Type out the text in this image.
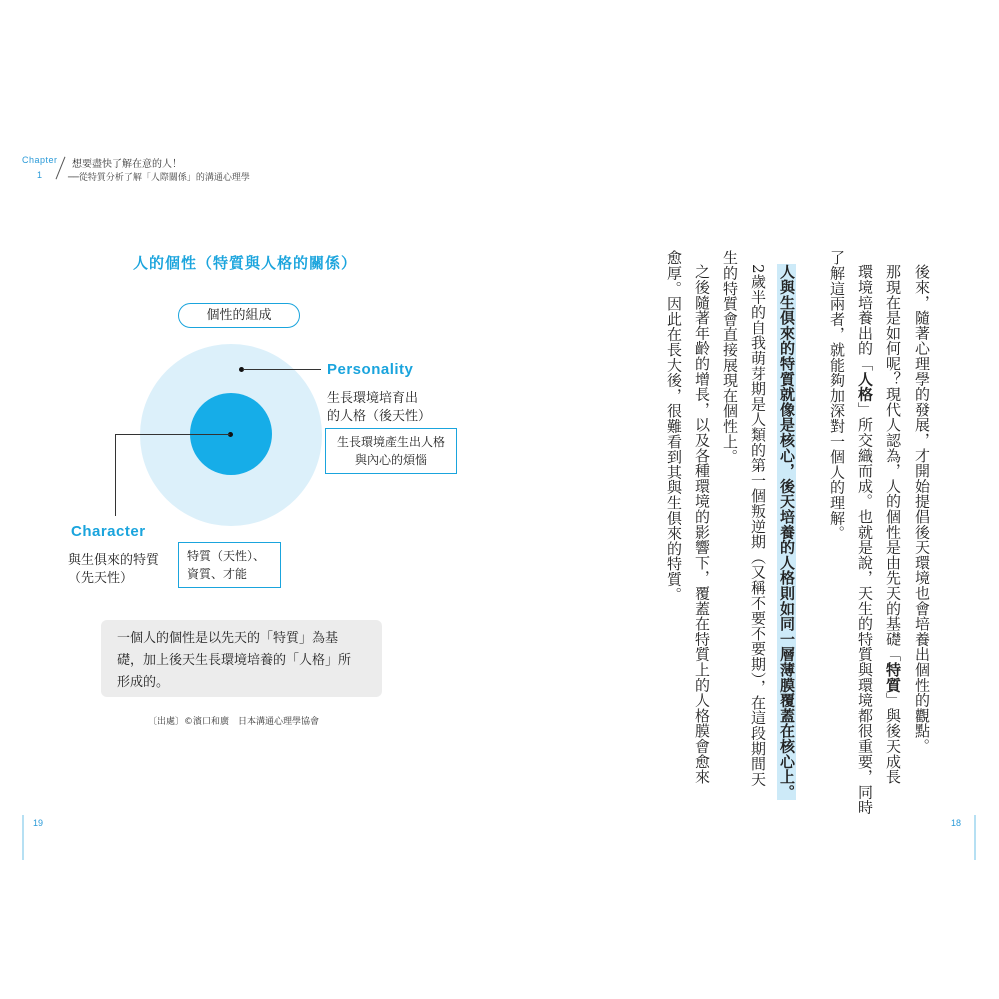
Chapter
1
想要盡快了解在意的人！
──從特質分析了解「人際關係」的溝通心理學
人的個性（特質與人格的關係）
個性的組成
Personality
生長環境培育出
的人格（後天性）
生長環境產生出人格
與內心的煩惱
Character
與生俱來的特質
（先天性）
特質（天性）、
資質、才能
一個人的個性是以先天的「特質」為基
礎，加上後天生長環境培養的「人格」所
形成的。
〔出處〕©濱口和廣　日本溝通心理學協會
19	18
後來，隨著心理學的發展，才開始提倡後天環境也會培養出個性的觀點。
那現在是如何呢？現代人認為，人的個性是由先天的基礎「特質」與後天成長
環境培養出的「人格」所交織而成。也就是說，天生的特質與環境都很重要，同時
了解這兩者，就能夠加深對一個人的理解。
人與生俱來的特質就像是核心，後天培養的人格則如同一層薄膜覆蓋在核心上。
2歲半的自我萌芽期是人類的第一個叛逆期（又稱不要不要期），在這段期間天
生的特質會直接展現在個性上。
之後隨著年齡的增長，以及各種環境的影響下，覆蓋在特質上的人格膜會愈來
愈厚。因此在長大後，很難看到其與生俱來的特質。
